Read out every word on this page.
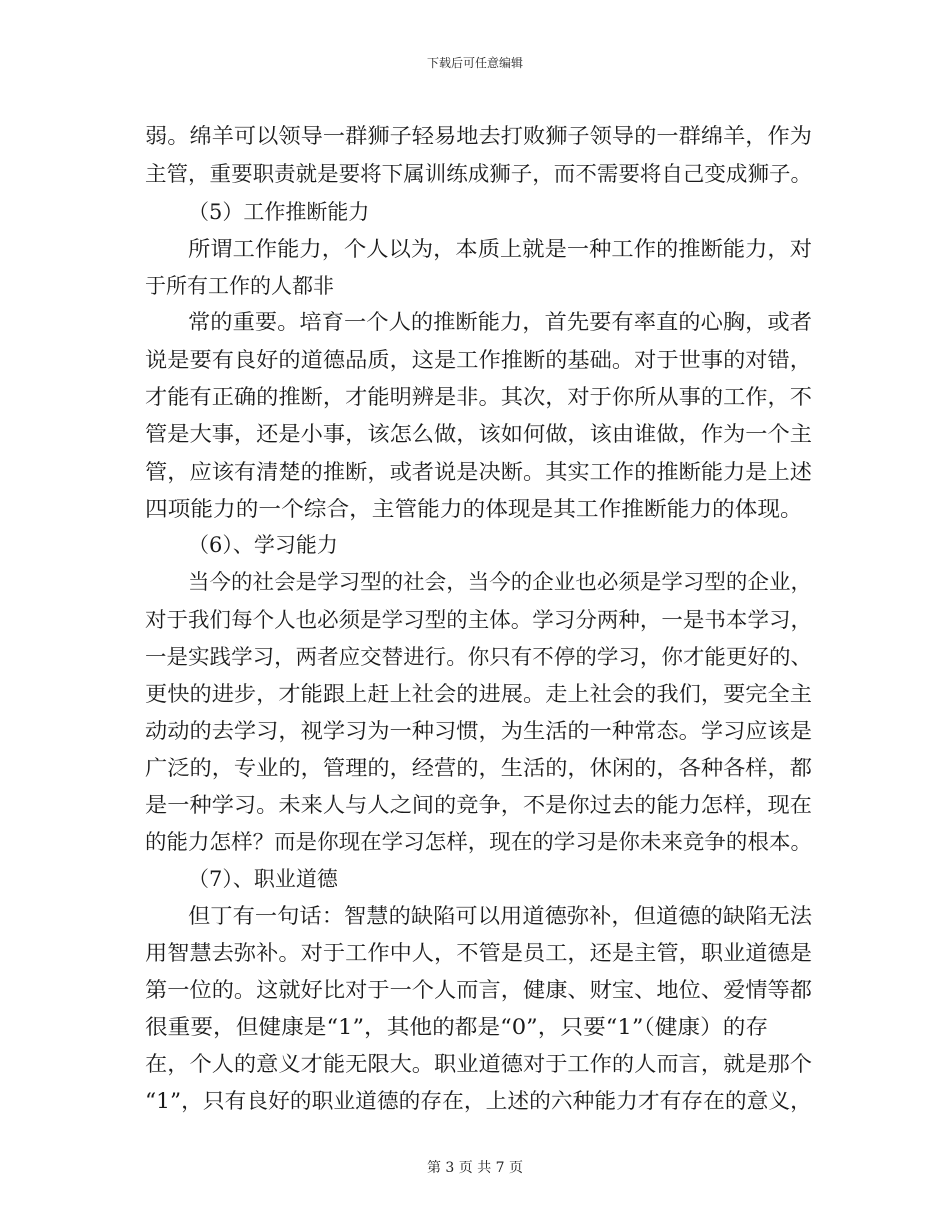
下载后可任意编辑
弱。绵羊可以领导一群狮子轻易地去打败狮子领导的一群绵羊，作为
主管，重要职责就是要将下属训练成狮子，而不需要将自己变成狮子。
（5）工作推断能力
所谓工作能力，个人以为，本质上就是一种工作的推断能力，对
于所有工作的人都非
常的重要。培育一个人的推断能力，首先要有率直的心胸，或者
说是要有良好的道德品质，这是工作推断的基础。对于世事的对错，
才能有正确的推断，才能明辨是非。其次，对于你所从事的工作，不
管是大事，还是小事，该怎么做，该如何做，该由谁做，作为一个主
管，应该有清楚的推断，或者说是决断。其实工作的推断能力是上述
四项能力的一个综合，主管能力的体现是其工作推断能力的体现。
（6）、学习能力
当今的社会是学习型的社会，当今的企业也必须是学习型的企业，
对于我们每个人也必须是学习型的主体。学习分两种，一是书本学习，
一是实践学习，两者应交替进行。你只有不停的学习，你才能更好的、
更快的进步，才能跟上赶上社会的进展。走上社会的我们，要完全主
动动的去学习，视学习为一种习惯，为生活的一种常态。学习应该是
广泛的，专业的，管理的，经营的，生活的，休闲的，各种各样，都
是一种学习。未来人与人之间的竞争，不是你过去的能力怎样，现在
的能力怎样？而是你现在学习怎样，现在的学习是你未来竞争的根本。
（7）、职业道德
但丁有一句话：智慧的缺陷可以用道德弥补，但道德的缺陷无法
用智慧去弥补。对于工作中人，不管是员工，还是主管，职业道德是
第一位的。这就好比对于一个人而言，健康、财宝、地位、爱情等都
很重要，但健康是“1”，其他的都是“0”，只要“1”（健康）的存
在，个人的意义才能无限大。职业道德对于工作的人而言，就是那个
“1”，只有良好的职业道德的存在，上述的六种能力才有存在的意义，
第 3 页 共 7 页
